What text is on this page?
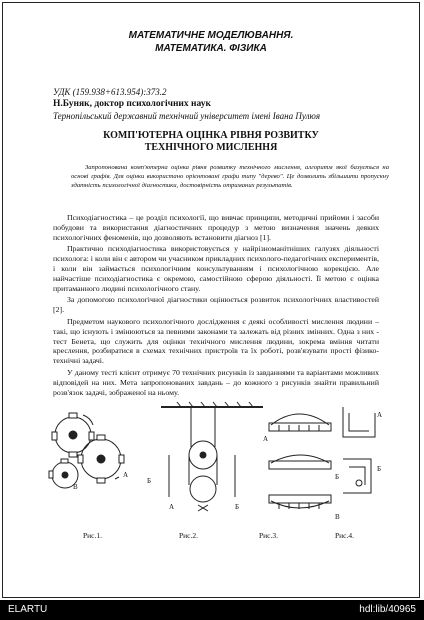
МАТЕМАТИЧНЕ МОДЕЛЮВАННЯ.
МАТЕМАТИКА. ФІЗИКА
УДК (159.938+613.954):373.2
Н.Буняк, доктор психологічних наук
Тернопільський державний технічний університет імені Івана Пулюя
КОМП'ЮТЕРНА ОЦІНКА РІВНЯ РОЗВИТКУ
ТЕХНІЧНОГО МИСЛЕННЯ

Запропонована комп'ютерна оцінка рівня розвитку технічного мислення, алгоритм якої базується на основі графів. Для оцінки використано орієнтовані графи типу "дерево". Це дозволить збільшити пропускну здатність психологічної діагностики, достовірність отриманих результатів.

Психодіагностика – це розділ психології, що вивчає принципи, методичні прийоми і засоби побудови та використання діагностичних процедур з метою визначення значень деяких психологічних феноменів, що дозволяють встановити діагноз [1].

Практично психодіагностика використовується у найрізноманітніших галузях діяльності психолога: і коли він є автором чи учасником прикладних психолого-педагогічних експериментів, і коли він займається психологічним консультуванням і психологічною корекцією. Але найчастіше психодіагностика є окремою, самостійною сферою діяльності. Її метою є оцінка притаманного людині психологічного стану.

За допомогою психологічної діагностики оцінюється розвиток психологічних властивостей [2].

Предметом наукового психологічного дослідження є деякі особливості мислення людини – такі, що існують і змінюються за певними законами та залежать від різних змінних. Одна з них - тест Бенета, що служить для оцінки технічного мислення людини, зокрема вміння читати креслення, розбиратися в схемах технічних пристроїв та їх роботі, розв'язувати прості фізико-технічні задачі.

У даному тесті клієнт отримує 70 технічних рисунків із завданнями та варіантами можливих відповідей на них. Мета запропонованих завдань – до кожного з рисунків знайти правильний розв'язок задачі, зображеної на ньому.

В
А
Б
А	Б
А
Б
В
А
Б
Рис.1.	Рис.2.	Рис.3.	Рис.4.
ELARTU	hdl:lib/40965
